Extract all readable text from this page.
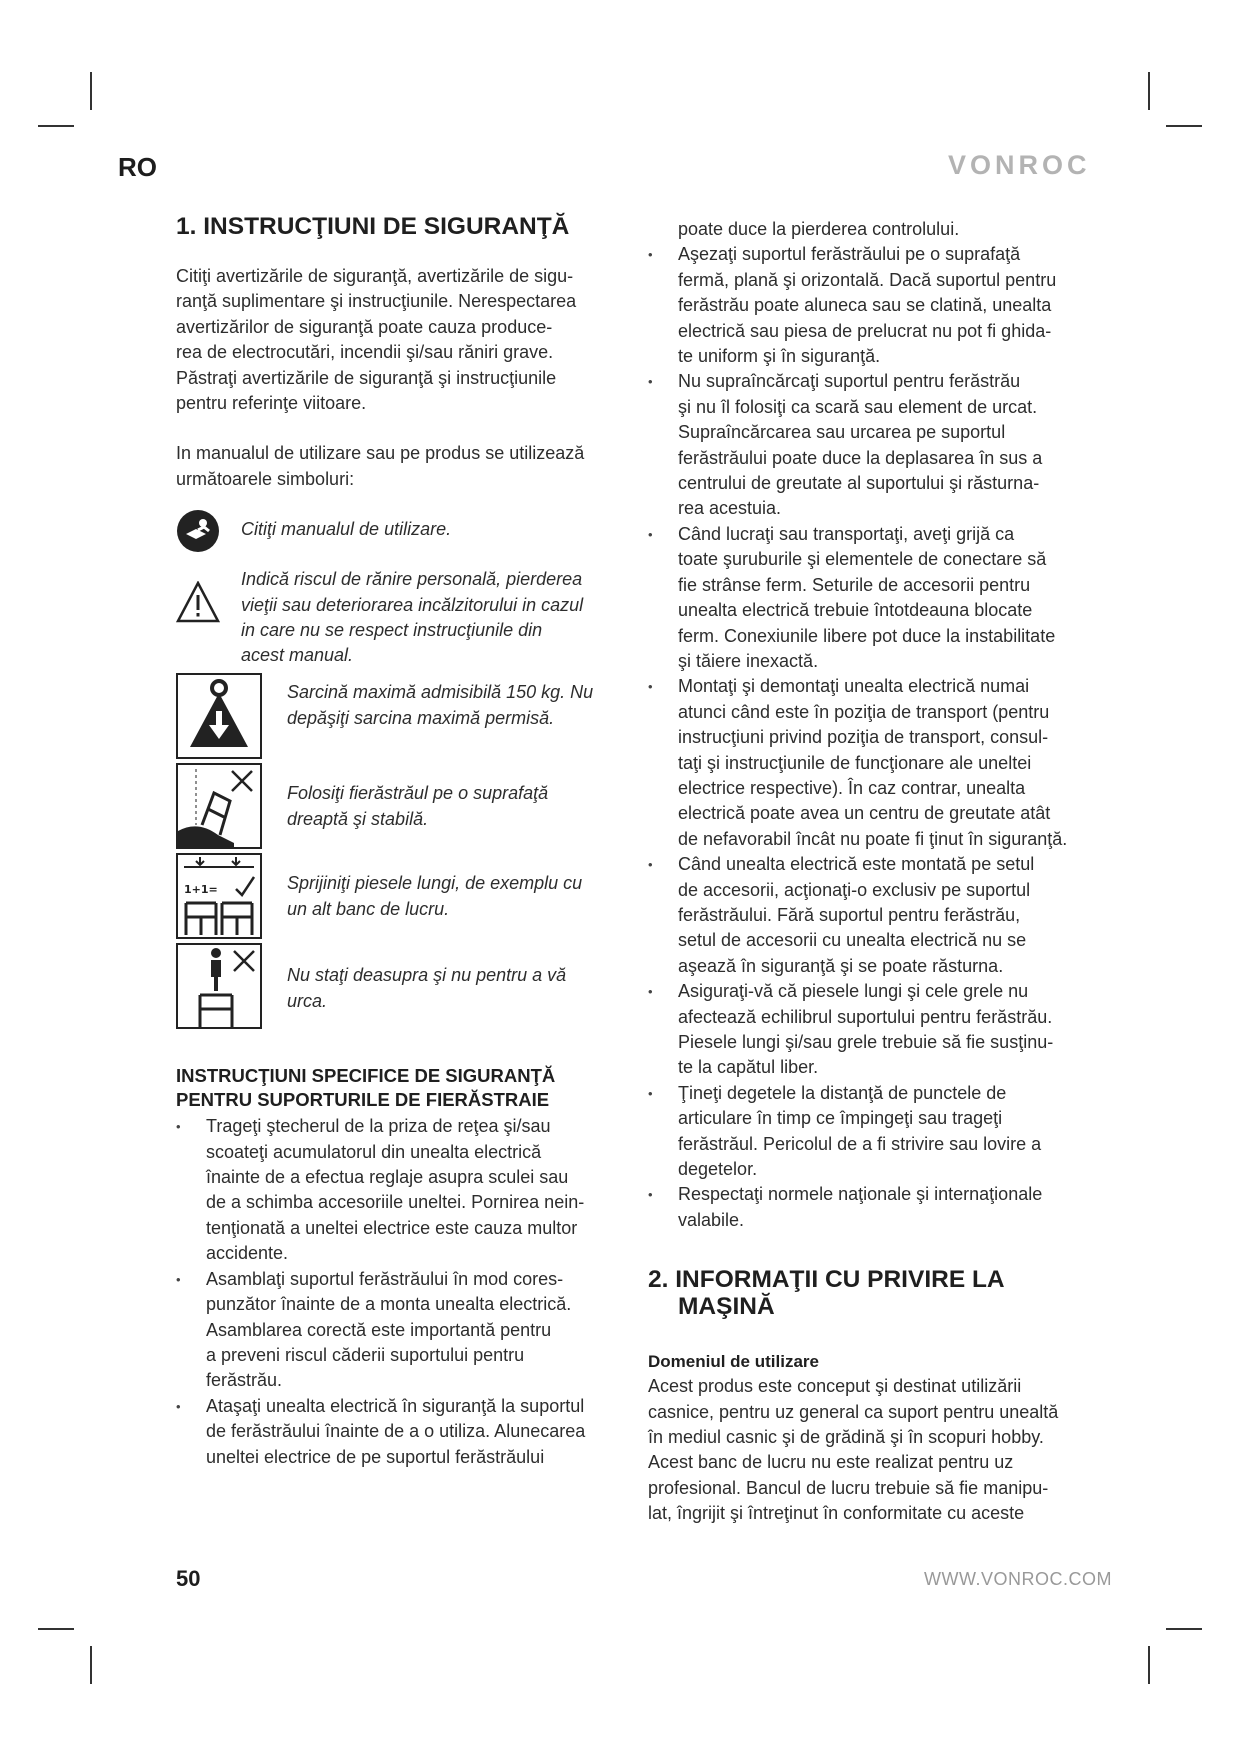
RO	VONROC
1. INSTRUCŢIUNI DE SIGURANŢĂ
Citiţi avertizările de siguranţă, avertizările de sigu-
ranţă suplimentare şi instrucţiunile. Nerespectarea
avertizărilor de siguranţă poate cauza produce-
rea de electrocutări, incendii şi/sau răniri grave.
Păstraţi avertizările de siguranţă şi instrucţiunile
pentru referinţe viitoare.
In manualul de utilizare sau pe produs se utilizează
următoarele simboluri:
Citiţi manualul de utilizare.
Indică riscul de rănire personală, pierderea
vieţii sau deteriorarea incălzitorului in cazul
in care nu se respect instrucţiunile din
acest manual.
Sarcină maximă admisibilă 150 kg. Nu
depăşiţi sarcina maximă permisă.
Folosiţi fierăstrăul pe o suprafaţă
dreaptă şi stabilă.
1+1=	Sprijiniţi piesele lungi, de exemplu cu
un alt banc de lucru.
Nu staţi deasupra şi nu pentru a vă
urca.
INSTRUCŢIUNI SPECIFICE DE SIGURANŢĂ
PENTRU SUPORTURILE DE FIERĂSTRAIE
• Trageţi ştecherul de la priza de reţea şi/sau
scoateţi acumulatorul din unealta electrică
înainte de a efectua reglaje asupra sculei sau
de a schimba accesoriile uneltei. Pornirea nein-
tenţionată a uneltei electrice este cauza multor
accidente.
• Asamblaţi suportul ferăstrăului în mod cores-
punzător înainte de a monta unealta electrică.
Asamblarea corectă este importantă pentru
a preveni riscul căderii suportului pentru
ferăstrău.
• Ataşaţi unealta electrică în siguranţă la suportul
de ferăstrăului înainte de a o utiliza. Alunecarea
uneltei electrice de pe suportul ferăstrăului
poate duce la pierderea controlului.
• Aşezaţi suportul ferăstrăului pe o suprafaţă
fermă, plană şi orizontală. Dacă suportul pentru
ferăstrău poate aluneca sau se clatină, unealta
electrică sau piesa de prelucrat nu pot fi ghida-
te uniform şi în siguranţă.
• Nu supraîncărcaţi suportul pentru ferăstrău
şi nu îl folosiţi ca scară sau element de urcat.
Supraîncărcarea sau urcarea pe suportul
ferăstrăului poate duce la deplasarea în sus a
centrului de greutate al suportului şi răsturna-
rea acestuia.
• Când lucraţi sau transportaţi, aveţi grijă ca
toate şuruburile şi elementele de conectare să
fie strânse ferm. Seturile de accesorii pentru
unealta electrică trebuie întotdeauna blocate
ferm. Conexiunile libere pot duce la instabilitate
şi tăiere inexactă.
• Montaţi şi demontaţi unealta electrică numai
atunci când este în poziţia de transport (pentru
instrucţiuni privind poziţia de transport, consul-
taţi şi instrucţiunile de funcţionare ale uneltei
electrice respective). În caz contrar, unealta
electrică poate avea un centru de greutate atât
de nefavorabil încât nu poate fi ţinut în siguranţă.
• Când unealta electrică este montată pe setul
de accesorii, acţionaţi-o exclusiv pe suportul
ferăstrăului. Fără suportul pentru ferăstrău,
setul de accesorii cu unealta electrică nu se
aşează în siguranţă şi se poate răsturna.
• Asiguraţi-vă că piesele lungi şi cele grele nu
afectează echilibrul suportului pentru ferăstrău.
Piesele lungi şi/sau grele trebuie să fie susţinu-
te la capătul liber.
• Ţineţi degetele la distanţă de punctele de
articulare în timp ce împingeţi sau trageţi
ferăstrăul. Pericolul de a fi strivire sau lovire a
degetelor.
• Respectaţi normele naţionale şi internaţionale
valabile.
2. INFORMAŢII CU PRIVIRE LA
MAŞINĂ
Domeniul de utilizare
Acest produs este conceput şi destinat utilizării
casnice, pentru uz general ca suport pentru unealtă
în mediul casnic şi de grădină şi în scopuri hobby.
Acest banc de lucru nu este realizat pentru uz
profesional. Bancul de lucru trebuie să fie manipu-
lat, îngrijit şi întreţinut în conformitate cu aceste
50	WWW.VONROC.COM
